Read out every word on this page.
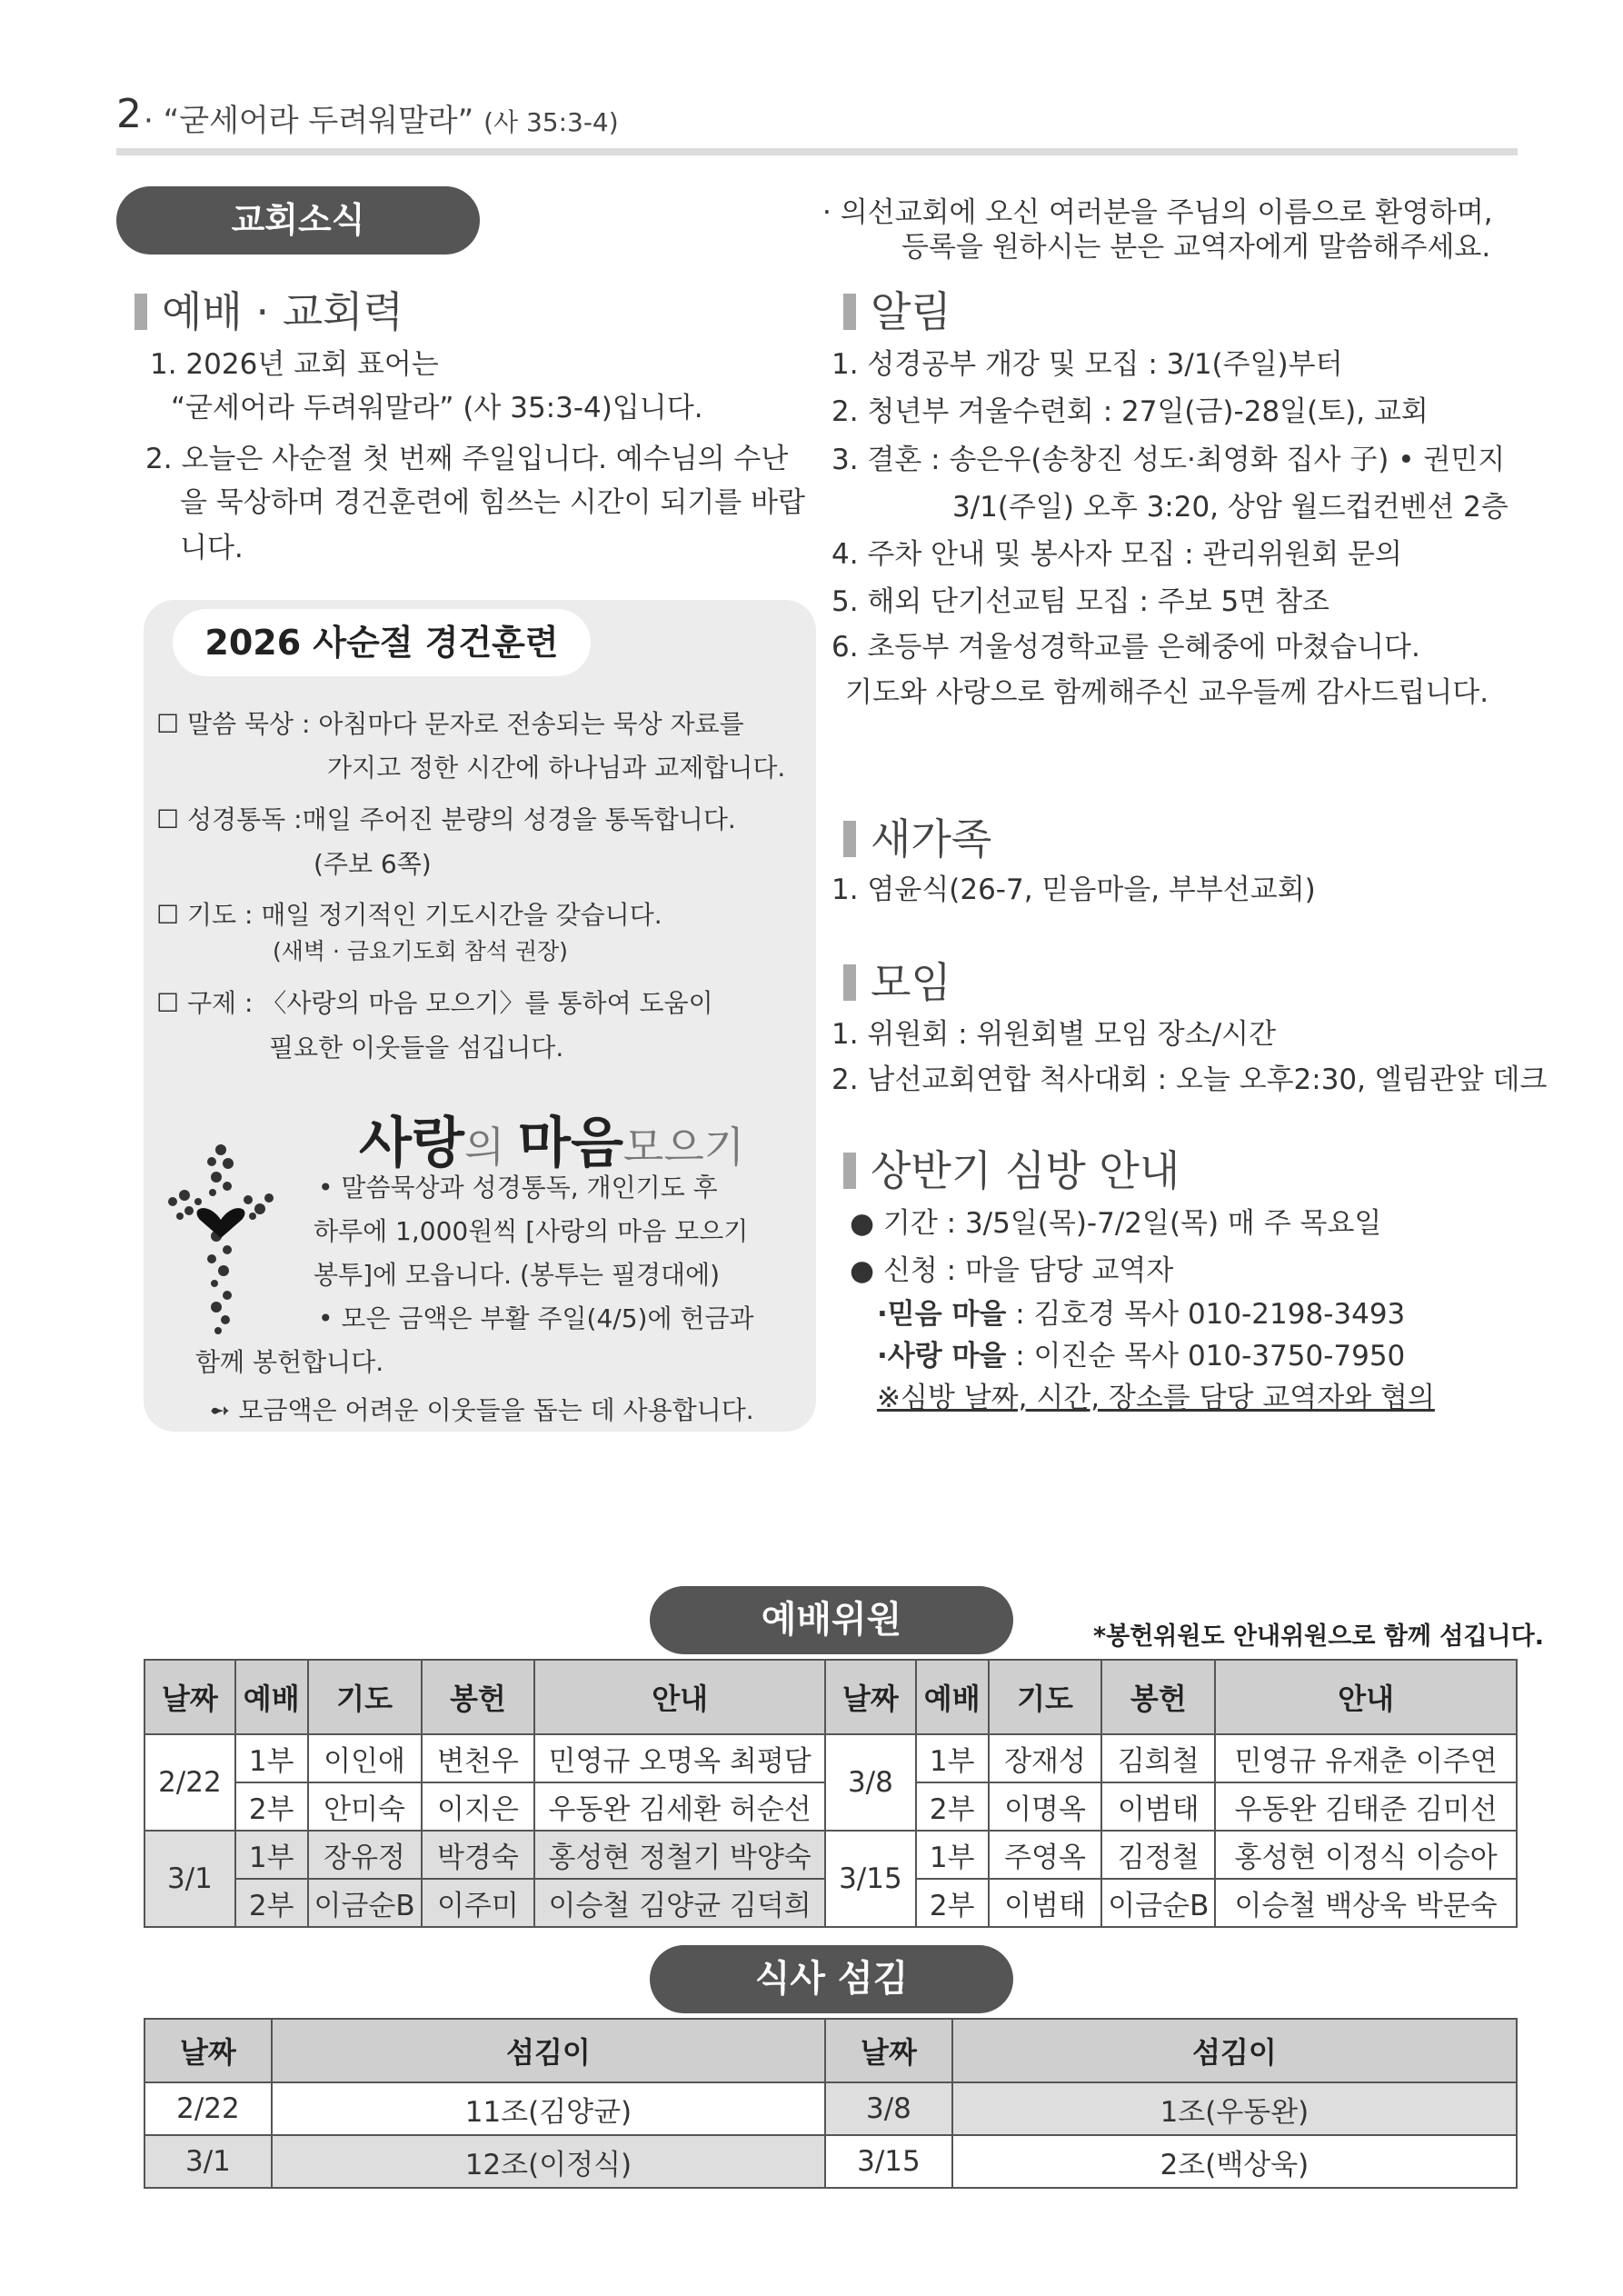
2 · “굳세어라 두려워말라” (사 35:3-4)
교회소식	· 의선교회에 오신 여러분을 주님의 이름으로 환영하며,
등록을 원하시는 분은 교역자에게 말씀해주세요.
예배 · 교회력
1. 2026년 교회 표어는
“굳세어라 두려워말라” (사 35:3-4)입니다.
2. 오늘은 사순절 첫 번째 주일입니다. 예수님의 수난
을 묵상하며 경건훈련에 힘쓰는 시간이 되기를 바랍
니다.
2026 사순절 경건훈련
☐ 말씀 묵상 : 아침마다 문자로 전송되는 묵상 자료를
가지고 정한 시간에 하나님과 교제합니다.
☐ 성경통독 :매일 주어진 분량의 성경을 통독합니다.
(주보 6쪽)
☐ 기도 : 매일 정기적인 기도시간을 갖습니다.
(새벽 · 금요기도회 참석 권장)
☐ 구제 : 〈사랑의 마음 모으기〉를 통하여 도움이
필요한 이웃들을 섬깁니다.
사랑의 마음모으기
• 말씀묵상과 성경통독, 개인기도 후
하루에 1,000원씩 [사랑의 마음 모으기
봉투]에 모읍니다. (봉투는 필경대에)
• 모은 금액은 부활 주일(4/5)에 헌금과
함께 봉헌합니다.
➻ 모금액은 어려운 이웃들을 돕는 데 사용합니다.
알림
1. 성경공부 개강 및 모집 : 3/1(주일)부터
2. 청년부 겨울수련회 : 27일(금)-28일(토), 교회
3. 결혼 : 송은우(송창진 성도·최영화 집사 子) • 권민지
3/1(주일) 오후 3:20, 상암 월드컵컨벤션 2층
4. 주차 안내 및 봉사자 모집 : 관리위원회 문의
5. 해외 단기선교팀 모집 : 주보 5면 참조
6. 초등부 겨울성경학교를 은혜중에 마쳤습니다.
기도와 사랑으로 함께해주신 교우들께 감사드립니다.
새가족
1. 염윤식(26-7, 믿음마을, 부부선교회)
모임
1. 위원회 : 위원회별 모임 장소/시간
2. 남선교회연합 척사대회 : 오늘 오후2:30, 엘림관앞 데크
상반기 심방 안내
● 기간 : 3/5일(목)-7/2일(목) 매 주 목요일
● 신청 : 마을 담당 교역자
·믿음 마을 : 김호경 목사 010-2198-3493
·사랑 마을 : 이진순 목사 010-3750-7950
※심방 날짜, 시간, 장소를 담당 교역자와 협의
예배위원	*봉헌위원도 안내위원으로 함께 섬깁니다.
날짜	예배	기도	봉헌	안내	날짜	예배	기도	봉헌	안내
2/22	1부	이인애	변천우	민영규 오명옥 최평담	3/8	1부	장재성	김희철	민영규 유재춘 이주연
	2부	안미숙	이지은	우동완 김세환 허순선		2부	이명옥	이범태	우동완 김태준 김미선
3/1	1부	장유정	박경숙	홍성현 정철기 박양숙	3/15	1부	주영옥	김정철	홍성현 이정식 이승아
	2부	이금순B	이주미	이승철 김양균 김덕희		2부	이범태	이금순B	이승철 백상욱 박문숙
식사 섬김
날짜	섬김이	날짜	섬김이
2/22	11조(김양균)	3/8	1조(우동완)
3/1	12조(이정식)	3/15	2조(백상욱)
